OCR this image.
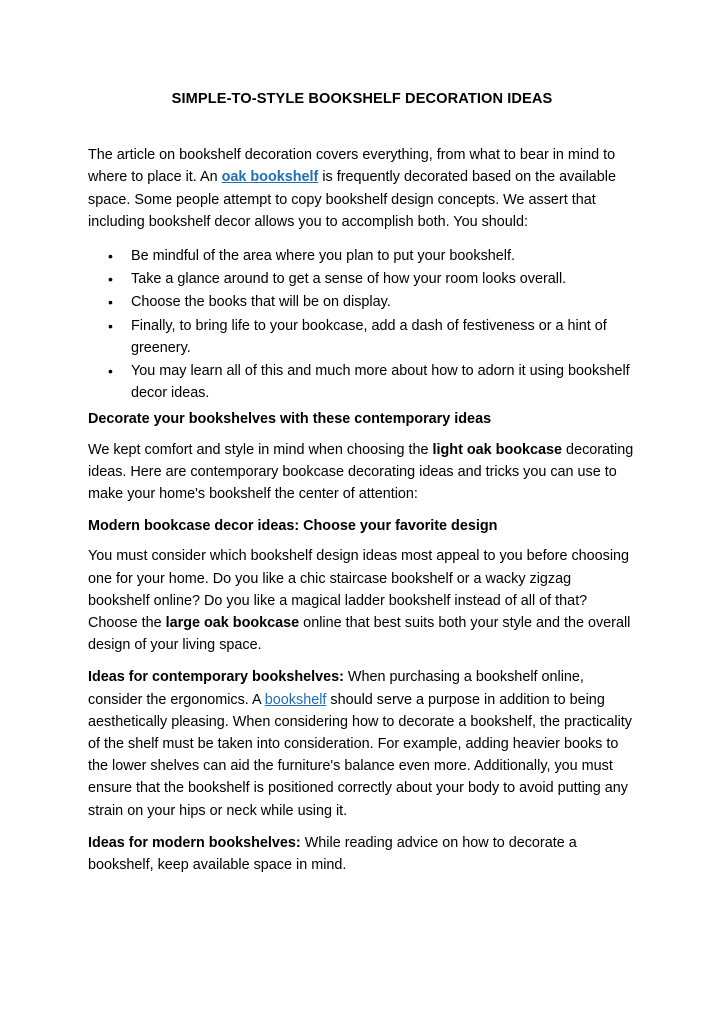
SIMPLE-TO-STYLE BOOKSHELF DECORATION IDEAS

The article on bookshelf decoration covers everything, from what to bear in mind to where to place it. An oak bookshelf is frequently decorated based on the available space. Some people attempt to copy bookshelf design concepts. We assert that including bookshelf decor allows you to accomplish both. You should:

• Be mindful of the area where you plan to put your bookshelf.
• Take a glance around to get a sense of how your room looks overall.
• Choose the books that will be on display.
• Finally, to bring life to your bookcase, add a dash of festiveness or a hint of greenery.
• You may learn all of this and much more about how to adorn it using bookshelf decor ideas.

Decorate your bookshelves with these contemporary ideas

We kept comfort and style in mind when choosing the light oak bookcase decorating ideas. Here are contemporary bookcase decorating ideas and tricks you can use to make your home's bookshelf the center of attention:

Modern bookcase decor ideas: Choose your favorite design

You must consider which bookshelf design ideas most appeal to you before choosing one for your home. Do you like a chic staircase bookshelf or a wacky zigzag bookshelf online? Do you like a magical ladder bookshelf instead of all of that? Choose the large oak bookcase online that best suits both your style and the overall design of your living space.

Ideas for contemporary bookshelves: When purchasing a bookshelf online, consider the ergonomics. A bookshelf should serve a purpose in addition to being aesthetically pleasing. When considering how to decorate a bookshelf, the practicality of the shelf must be taken into consideration. For example, adding heavier books to the lower shelves can aid the furniture's balance even more. Additionally, you must ensure that the bookshelf is positioned correctly about your body to avoid putting any strain on your hips or neck while using it.

Ideas for modern bookshelves: While reading advice on how to decorate a bookshelf, keep available space in mind.
